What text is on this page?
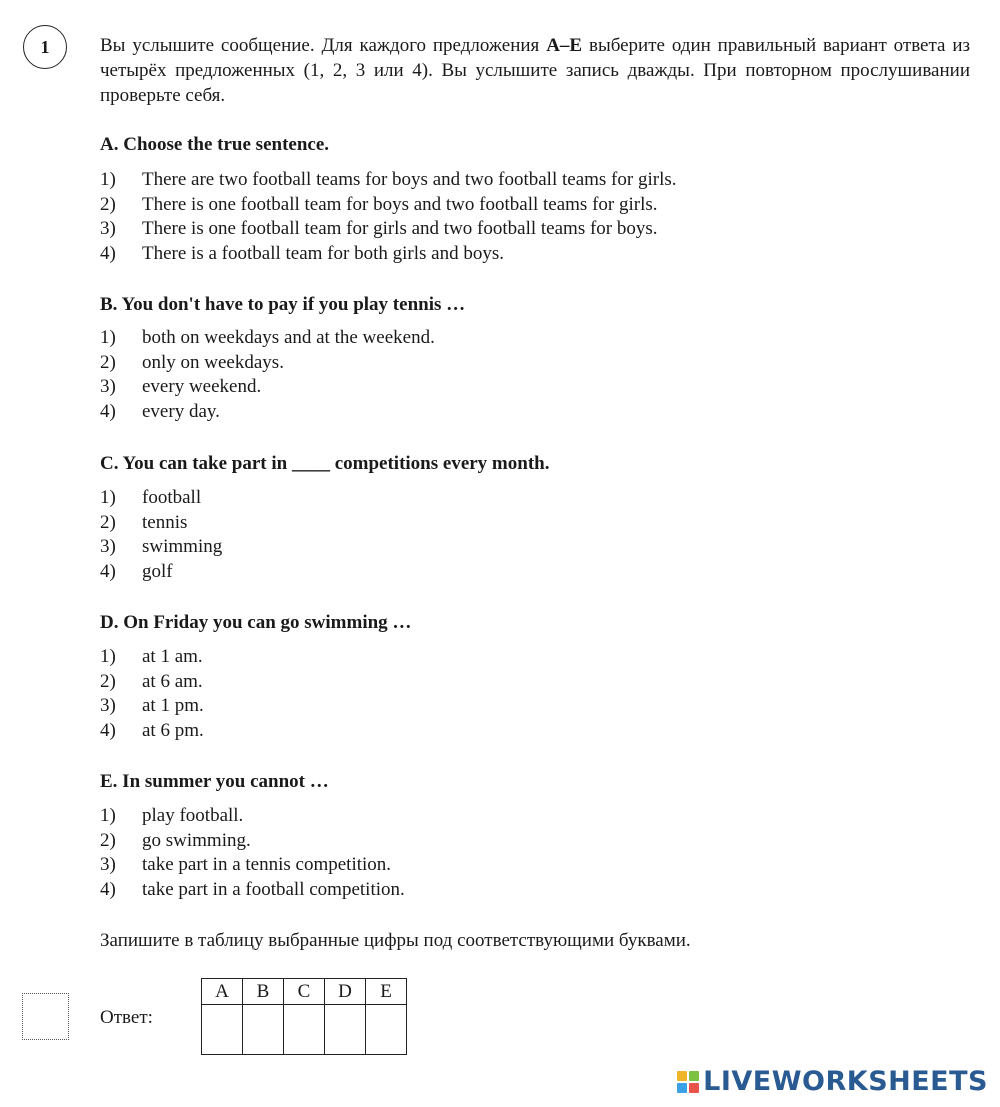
1	Вы услышите сообщение. Для каждого предложения A–E выберите один правильный вариант ответа из четырёх предложенных (1, 2, 3 или 4). Вы услышите запись дважды. При повторном прослушивании проверьте себя.
A. Choose the true sentence.
1)	There are two football teams for boys and two football teams for girls.
2)	There is one football team for boys and two football teams for girls.
3)	There is one football team for girls and two football teams for boys.
4)	There is a football team for both girls and boys.
B. You don't have to pay if you play tennis …
1)	both on weekdays and at the weekend.
2)	only on weekdays.
3)	every weekend.
4)	every day.
C. You can take part in ____ competitions every month.
1)	football
2)	tennis
3)	swimming
4)	golf
D. On Friday you can go swimming …
1)	at 1 am.
2)	at 6 am.
3)	at 1 pm.
4)	at 6 pm.
E. In summer you cannot …
1)	play football.
2)	go swimming.
3)	take part in a tennis competition.
4)	take part in a football competition.
Запишите в таблицу выбранные цифры под соответствующими буквами.
Ответ:
A	B	C	D	E

LIVEWORKSHEETS
